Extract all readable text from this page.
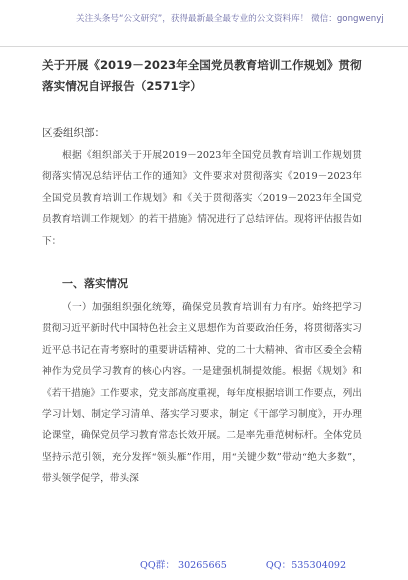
关注头条号“公文研究”，获得最新最全最专业的公文资料库！ 微信：gongwenyj
关于开展《2019－2023年全国党员教育培训工作规划》贯彻落实情况自评报告（2571字）
区委组织部：
根据《组织部关于开展2019－2023年全国党员教育培训工作规划贯彻落实情况总结评估工作的通知》文件要求对贯彻落实《2019－2023年全国党员教育培训工作规划》和《关于贯彻落实〈2019－2023年全国党员教育培训工作规划〉的若干措施》情况进行了总结评估。现将评估报告如下：
一、落实情况
（一）加强组织强化统筹，确保党员教育培训有力有序。始终把学习贯彻习近平新时代中国特色社会主义思想作为首要政治任务，将贯彻落实习近平总书记在青考察时的重要讲话精神、党的二十大精神、省市区委全会精神作为党员学习教育的核心内容。一是建强机制提效能。根据《规划》和《若干措施》工作要求，党支部高度重视，每年度根据培训工作要点，列出学习计划、制定学习清单、落实学习要求，制定《干部学习制度》，开办理论课堂，确保党员学习教育常态长效开展。二是率先垂范树标杆。全体党员坚持示范引领，充分发挥“领头雁”作用，用“关键少数”带动“绝大多数”，带头领学促学，带头深
QQ群： 30265665	QQ：535304092
